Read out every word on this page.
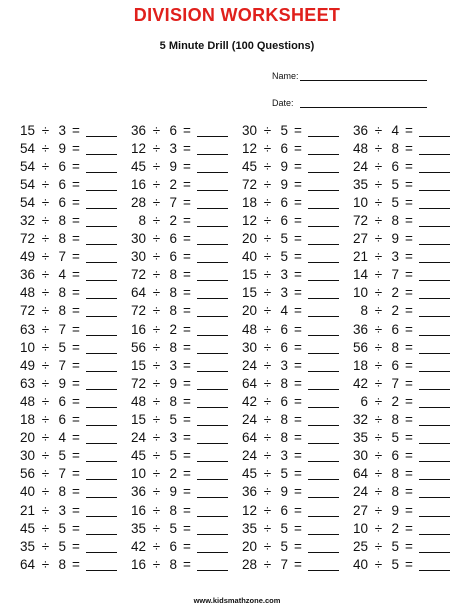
DIVISION WORKSHEET
5 Minute Drill (100 Questions)
Name:
Date:
15 ÷ 3 =	36 ÷ 6 =	30 ÷ 5 =	36 ÷ 4 =
54 ÷ 9 =	12 ÷ 3 =	12 ÷ 6 =	48 ÷ 8 =
54 ÷ 6 =	45 ÷ 9 =	45 ÷ 9 =	24 ÷ 6 =
54 ÷ 6 =	16 ÷ 2 =	72 ÷ 9 =	35 ÷ 5 =
54 ÷ 6 =	28 ÷ 7 =	18 ÷ 6 =	10 ÷ 5 =
32 ÷ 8 =	8 ÷ 2 =	12 ÷ 6 =	72 ÷ 8 =
72 ÷ 8 =	30 ÷ 6 =	20 ÷ 5 =	27 ÷ 9 =
49 ÷ 7 =	30 ÷ 6 =	40 ÷ 5 =	21 ÷ 3 =
36 ÷ 4 =	72 ÷ 8 =	15 ÷ 3 =	14 ÷ 7 =
48 ÷ 8 =	64 ÷ 8 =	15 ÷ 3 =	10 ÷ 2 =
72 ÷ 8 =	72 ÷ 8 =	20 ÷ 4 =	8 ÷ 2 =
63 ÷ 7 =	16 ÷ 2 =	48 ÷ 6 =	36 ÷ 6 =
10 ÷ 5 =	56 ÷ 8 =	30 ÷ 6 =	56 ÷ 8 =
49 ÷ 7 =	15 ÷ 3 =	24 ÷ 3 =	18 ÷ 6 =
63 ÷ 9 =	72 ÷ 9 =	64 ÷ 8 =	42 ÷ 7 =
48 ÷ 6 =	48 ÷ 8 =	42 ÷ 6 =	6 ÷ 2 =
18 ÷ 6 =	15 ÷ 5 =	24 ÷ 8 =	32 ÷ 8 =
20 ÷ 4 =	24 ÷ 3 =	64 ÷ 8 =	35 ÷ 5 =
30 ÷ 5 =	45 ÷ 5 =	24 ÷ 3 =	30 ÷ 6 =
56 ÷ 7 =	10 ÷ 2 =	45 ÷ 5 =	64 ÷ 8 =
40 ÷ 8 =	36 ÷ 9 =	36 ÷ 9 =	24 ÷ 8 =
21 ÷ 3 =	16 ÷ 8 =	12 ÷ 6 =	27 ÷ 9 =
45 ÷ 5 =	35 ÷ 5 =	35 ÷ 5 =	10 ÷ 2 =
35 ÷ 5 =	42 ÷ 6 =	20 ÷ 5 =	25 ÷ 5 =
64 ÷ 8 =	16 ÷ 8 =	28 ÷ 7 =	40 ÷ 5 =
www.kidsmathzone.com
